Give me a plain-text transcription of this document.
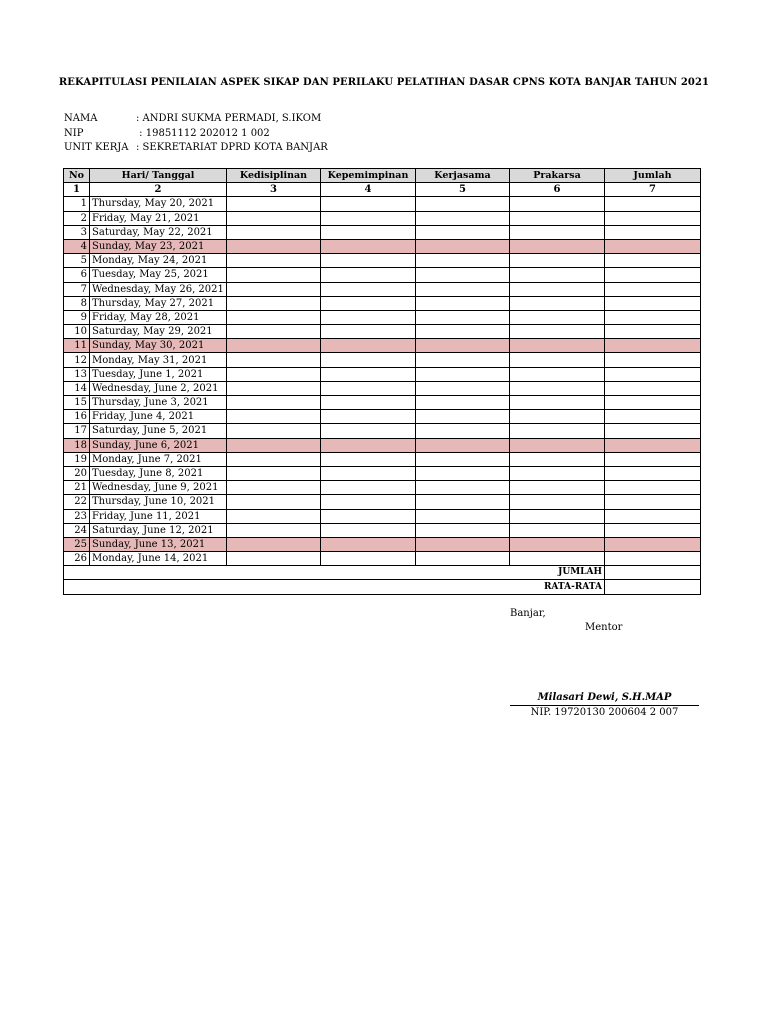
REKAPITULASI PENILAIAN ASPEK SIKAP DAN PERILAKU PELATIHAN DASAR CPNS KOTA BANJAR TAHUN 2021
NAMA	: ANDRI SUKMA PERMADI, S.IKOM
NIP	: 19851112 202012 1 002
UNIT KERJA : SEKRETARIAT DPRD KOTA BANJAR
No	Hari/ Tanggal	Kedisiplinan	Kepemimpinan	Kerjasama	Prakarsa	Jumlah
1	2	3	4	5	6	7
1	Thursday, May 20, 2021					
2	Friday, May 21, 2021					
3	Saturday, May 22, 2021					
4	Sunday, May 23, 2021					
5	Monday, May 24, 2021					
6	Tuesday, May 25, 2021					
7	Wednesday, May 26, 2021					
8	Thursday, May 27, 2021					
9	Friday, May 28, 2021					
10	Saturday, May 29, 2021					
11	Sunday, May 30, 2021					
12	Monday, May 31, 2021					
13	Tuesday, June 1, 2021					
14	Wednesday, June 2, 2021					
15	Thursday, June 3, 2021					
16	Friday, June 4, 2021					
17	Saturday, June 5, 2021					
18	Sunday, June 6, 2021					
19	Monday, June 7, 2021					
20	Tuesday, June 8, 2021					
21	Wednesday, June 9, 2021					
22	Thursday, June 10, 2021					
23	Friday, June 11, 2021					
24	Saturday, June 12, 2021					
25	Sunday, June 13, 2021					
26	Monday, June 14, 2021					
JUMLAH						
RATA-RATA						
Banjar,
Mentor
Milasari Dewi, S.H.MAP
NIP. 19720130 200604 2 007
